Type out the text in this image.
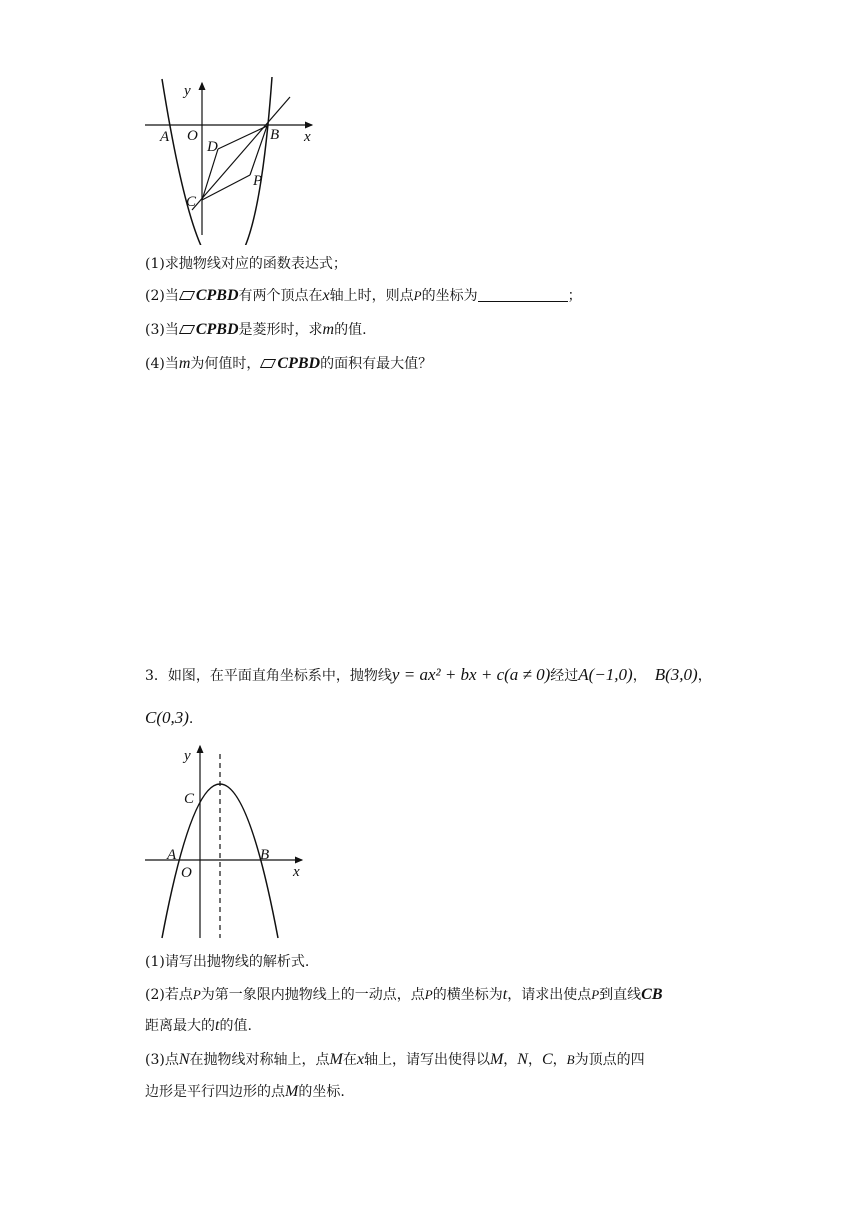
y
x
O
A	B
C
D
P
(1)求抛物线对应的函数表达式；
(2)当 CPBD有两个顶点在x轴上时，则点P的坐标为	；
(3)当 CPBD是菱形时，求m的值.
(4)当m为何值时， CPBD的面积有最大值？
3．如图，在平面直角坐标系中，抛物线y = ax² + bx + c(a ≠ 0)经过A(−1,0)， B(3,0)，
C(0,3).
y
x
O
A	B
C
(1)请写出抛物线的解析式.
(2)若点P为第一象限内抛物线上的一动点，点P的横坐标为t，请求出使点P到直线CB
距离最大的t的值.
(3)点N在抛物线对称轴上，点M在x轴上，请写出使得以M，N，C，B为顶点的四
边形是平行四边形的点M的坐标.
